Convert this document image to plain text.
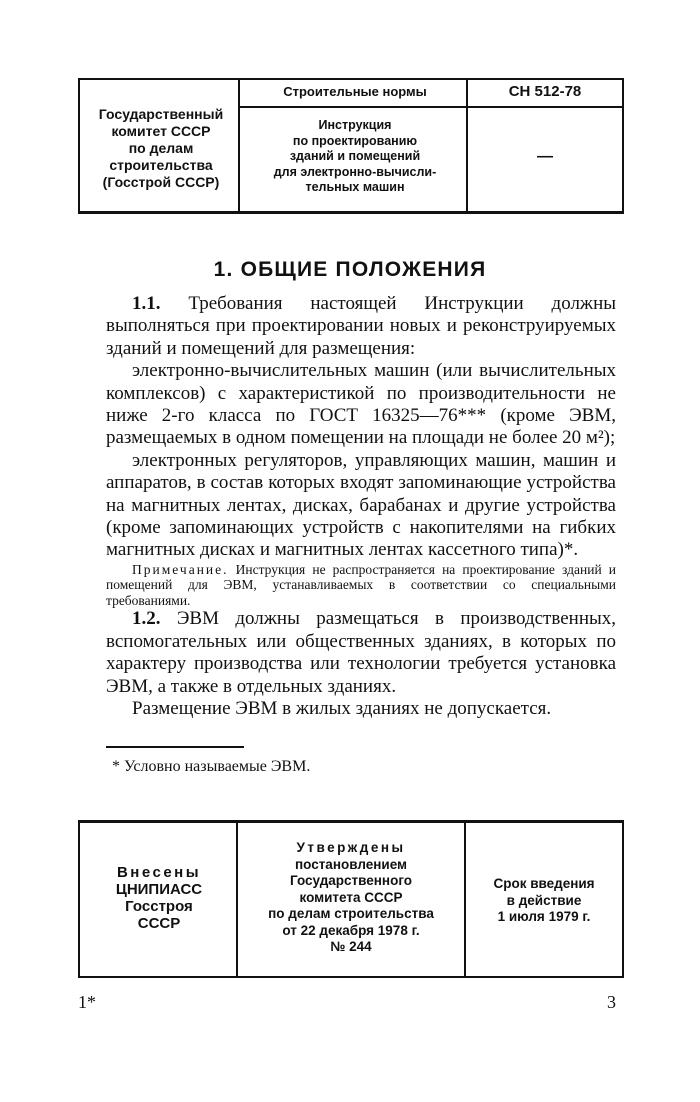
Государственный
комитет СССР
по делам
строительства
(Госстрой СССР)
Строительные нормы
Инструкция
по проектированию
зданий и помещений
для электронно-вычисли-
тельных машин
СН 512-78
—
1. ОБЩИЕ ПОЛОЖЕНИЯ

1.1. Требования настоящей Инструкции должны выполняться при проектировании новых и реконструируемых зданий и помещений для размещения:

электронно-вычислительных машин (или вычислительных комплексов) с характеристикой по производительности не ниже 2-го класса по ГОСТ 16325—76*** (кроме ЭВМ, размещаемых в одном помещении на площади не более 20 м²);

электронных регуляторов, управляющих машин, машин и аппаратов, в состав которых входят запоминающие устройства на магнитных лентах, дисках, барабанах и другие устройства (кроме запоминающих устройств с накопителями на гибких магнитных дисках и магнитных лентах кассетного типа)*.

Примечание. Инструкция не распространяется на проектирование зданий и помещений для ЭВМ, устанавливаемых в соответствии со специальными требованиями.

1.2. ЭВМ должны размещаться в производственных, вспомогательных или общественных зданиях, в которых по характеру производства или технологии требуется установка ЭВМ, а также в отдельных зданиях.

Размещение ЭВМ в жилых зданиях не допускается.

* Условно называемые ЭВМ.
Внесены
ЦНИПИАСС
Госстроя
СССР
Утверждены
постановлением
Государственного
комитета СССР
по делам строительства
от 22 декабря 1978 г.
№ 244
Срок введения
в действие
1 июля 1979 г.
1*	3
